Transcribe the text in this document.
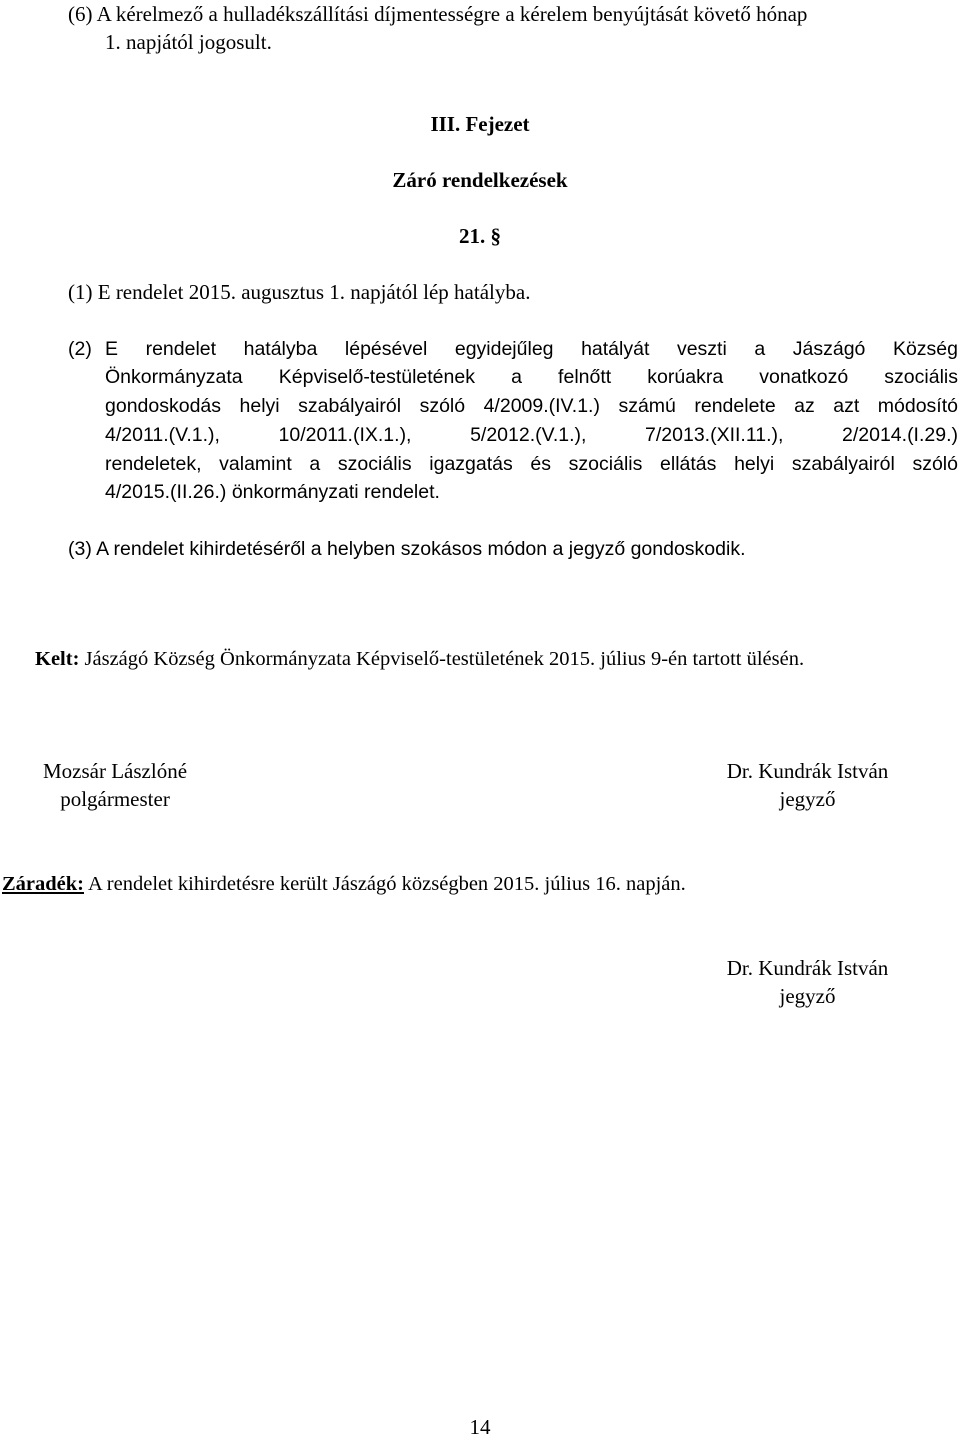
(6) A kérelmező a hulladékszállítási díjmentességre a kérelem benyújtását követő hónap
1. napjától jogosult.
III. Fejezet
Záró rendelkezések
21. §
(1) E rendelet 2015. augusztus 1. napjától lép hatályba.
(2) E rendelet hatályba lépésével egyidejűleg hatályát veszti a Jászágó Község
Önkormányzata Képviselő-testületének a felnőtt korúakra vonatkozó szociális
gondoskodás helyi szabályairól szóló 4/2009.(IV.1.) számú rendelete az azt módosító
4/2011.(V.1.), 10/2011.(IX.1.), 5/2012.(V.1.), 7/2013.(XII.11.), 2/2014.(I.29.)
rendeletek, valamint a szociális igazgatás és szociális ellátás helyi szabályairól szóló
4/2015.(II.26.) önkormányzati rendelet.
(3) A rendelet kihirdetéséről a helyben szokásos módon a jegyző gondoskodik.
Kelt: Jászágó Község Önkormányzata Képviselő-testületének 2015. július 9-én tartott ülésén.
Mozsár Lászlóné
polgármester
Dr. Kundrák István
jegyző
Záradék: A rendelet kihirdetésre került Jászágó községben 2015. július 16. napján.
Dr. Kundrák István
jegyző
14
